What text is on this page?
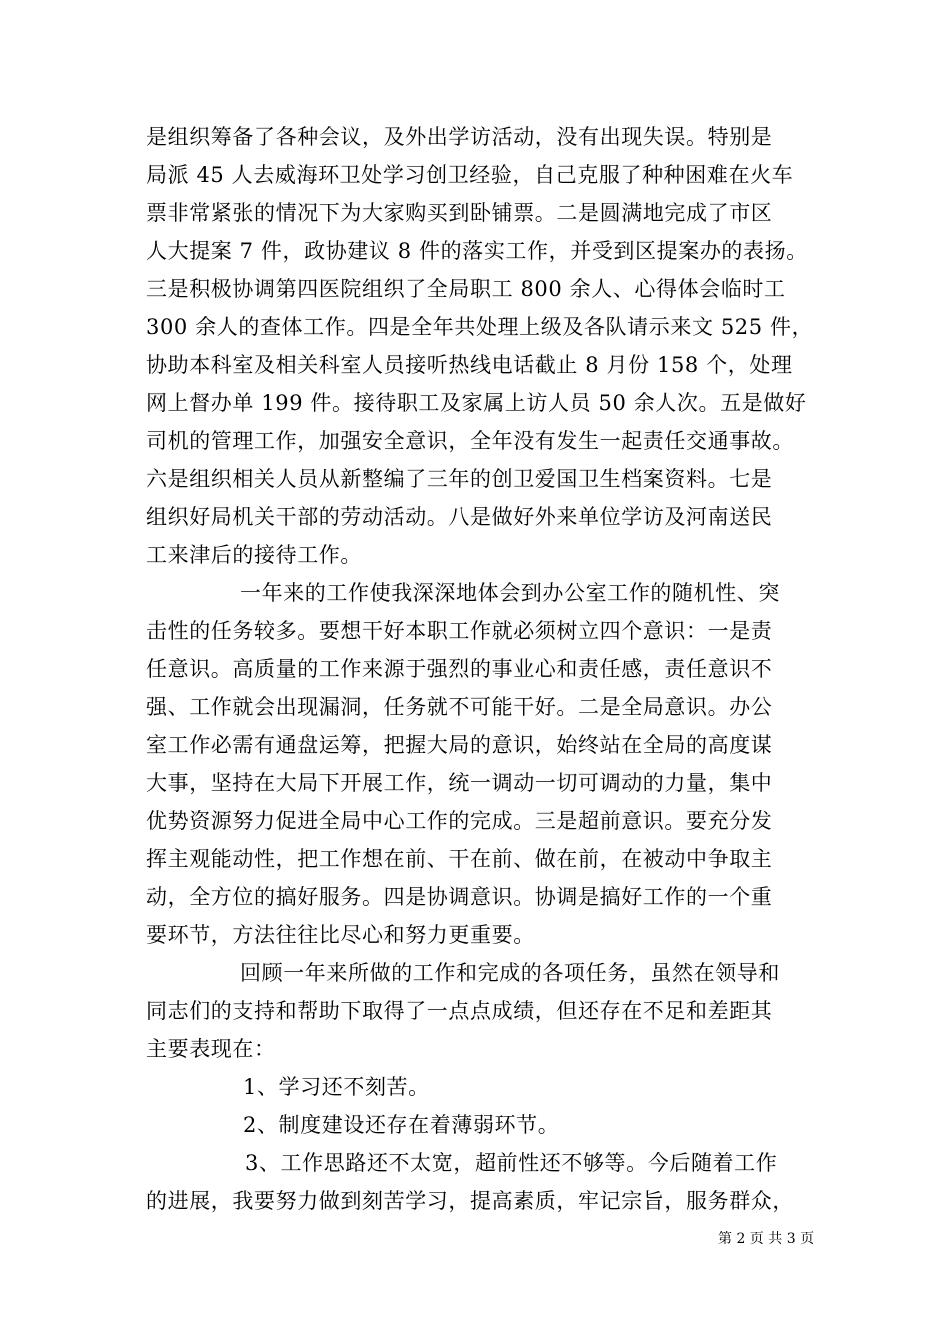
是组织筹备了各种会议，及外出学访活动，没有出现失误。特别是
局派 45 人去威海环卫处学习创卫经验，自己克服了种种困难在火车
票非常紧张的情况下为大家购买到卧铺票。二是圆满地完成了市区
人大提案 7 件，政协建议 8 件的落实工作，并受到区提案办的表扬。
三是积极协调第四医院组织了全局职工 800 余人、心得体会临时工
300 余人的查体工作。四是全年共处理上级及各队请示来文 525 件，
协助本科室及相关科室人员接听热线电话截止 8 月份 158 个，处理
网上督办单 199 件。接待职工及家属上访人员 50 余人次。五是做好
司机的管理工作，加强安全意识，全年没有发生一起责任交通事故。
六是组织相关人员从新整编了三年的创卫爱国卫生档案资料。七是
组织好局机关干部的劳动活动。八是做好外来单位学访及河南送民
工来津后的接待工作。
一年来的工作使我深深地体会到办公室工作的随机性、突
击性的任务较多。要想干好本职工作就必须树立四个意识：一是责
任意识。高质量的工作来源于强烈的事业心和责任感，责任意识不
强、工作就会出现漏洞，任务就不可能干好。二是全局意识。办公
室工作必需有通盘运筹，把握大局的意识，始终站在全局的高度谋
大事，坚持在大局下开展工作，统一调动一切可调动的力量，集中
优势资源努力促进全局中心工作的完成。三是超前意识。要充分发
挥主观能动性，把工作想在前、干在前、做在前，在被动中争取主
动，全方位的搞好服务。四是协调意识。协调是搞好工作的一个重
要环节，方法往往比尽心和努力更重要。
回顾一年来所做的工作和完成的各项任务，虽然在领导和
同志们的支持和帮助下取得了一点点成绩，但还存在不足和差距其
主要表现在：
1、学习还不刻苦。
2、制度建设还存在着薄弱环节。
3、工作思路还不太宽，超前性还不够等。今后随着工作
的进展，我要努力做到刻苦学习，提高素质，牢记宗旨，服务群众，
第 2 页 共 3 页
